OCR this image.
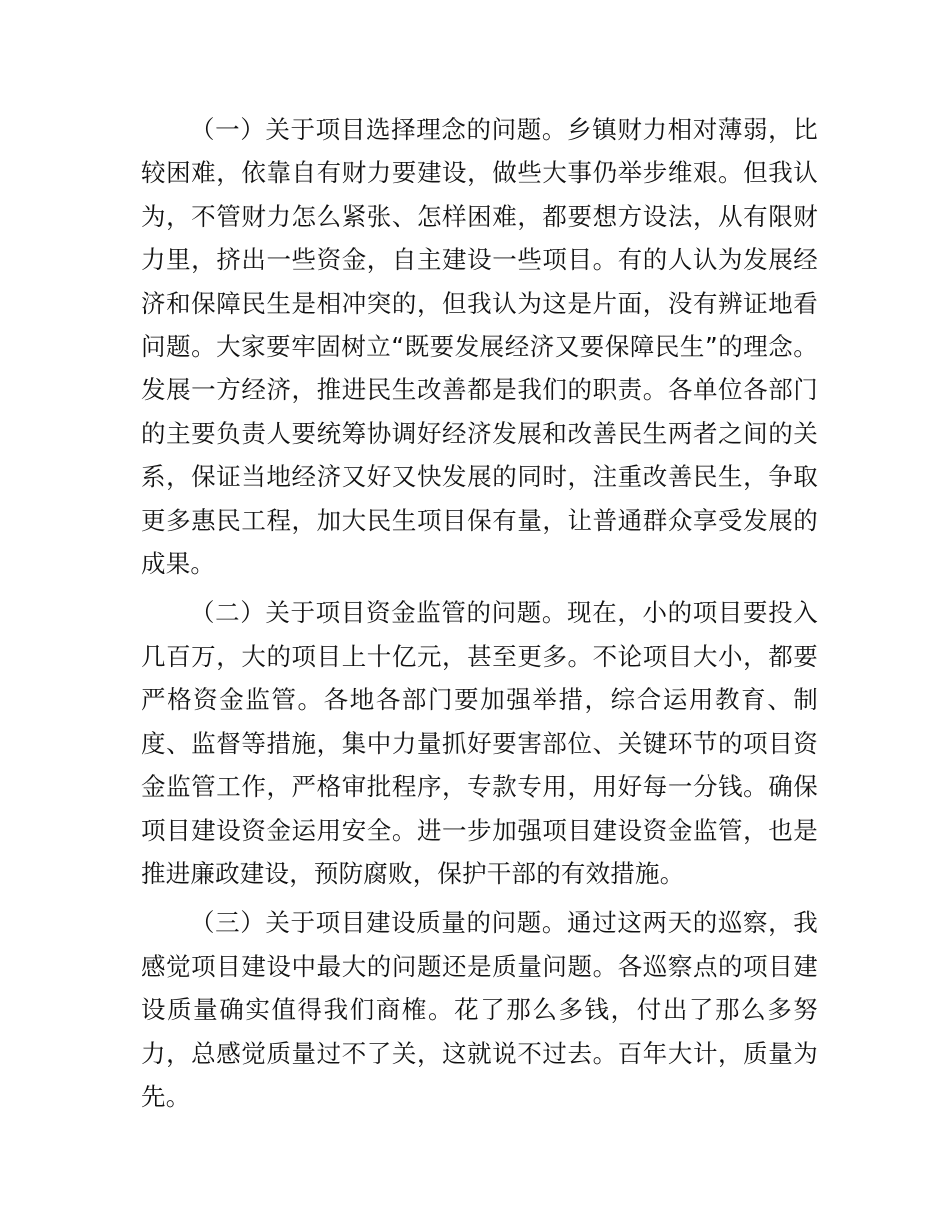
（一）关于项目选择理念的问题。乡镇财力相对薄弱，比较困难，依靠自有财力要建设，做些大事仍举步维艰。但我认为，不管财力怎么紧张、怎样困难，都要想方设法，从有限财力里，挤出一些资金，自主建设一些项目。有的人认为发展经济和保障民生是相冲突的，但我认为这是片面，没有辨证地看问题。大家要牢固树立“既要发展经济又要保障民生”的理念。发展一方经济，推进民生改善都是我们的职责。各单位各部门的主要负责人要统筹协调好经济发展和改善民生两者之间的关系，保证当地经济又好又快发展的同时，注重改善民生，争取更多惠民工程，加大民生项目保有量，让普通群众享受发展的成果。

（二）关于项目资金监管的问题。现在，小的项目要投入几百万，大的项目上十亿元，甚至更多。不论项目大小，都要严格资金监管。各地各部门要加强举措，综合运用教育、制度、监督等措施，集中力量抓好要害部位、关键环节的项目资金监管工作，严格审批程序，专款专用，用好每一分钱。确保项目建设资金运用安全。进一步加强项目建设资金监管，也是推进廉政建设，预防腐败，保护干部的有效措施。

（三）关于项目建设质量的问题。通过这两天的巡察，我感觉项目建设中最大的问题还是质量问题。各巡察点的项目建设质量确实值得我们商榷。花了那么多钱，付出了那么多努力，总感觉质量过不了关，这就说不过去。百年大计，质量为先。
